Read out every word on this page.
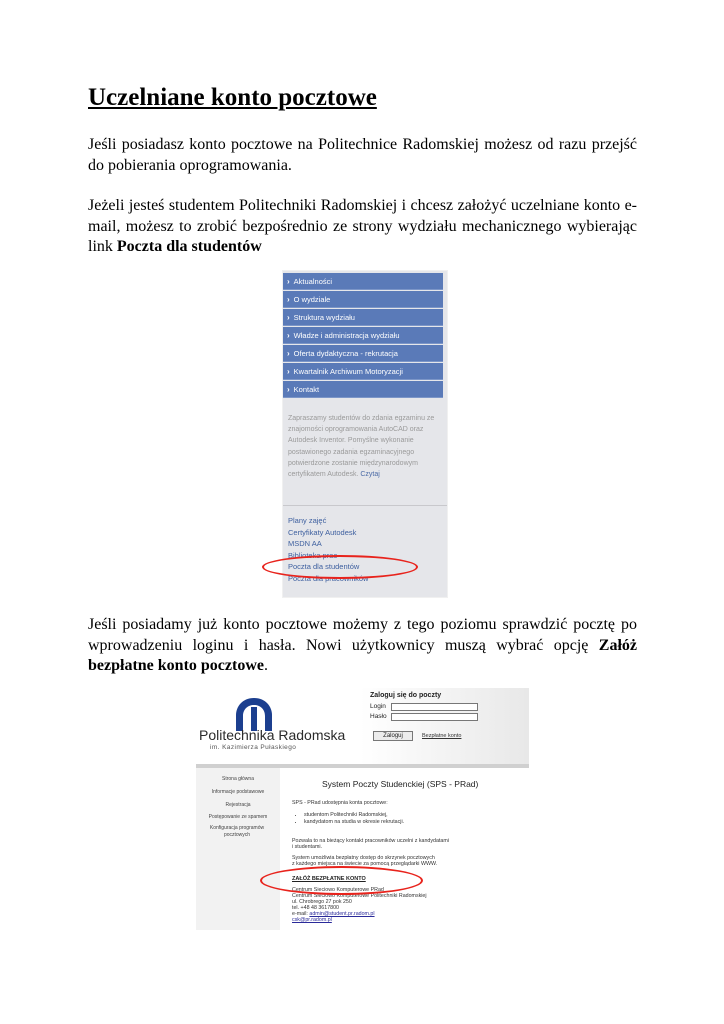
Uczelniane konto pocztowe

Jeśli posiadasz konto pocztowe na Politechnice Radomskiej możesz od razu przejść do pobierania oprogramowania.

Jeżeli jesteś studentem Politechniki Radomskiej i chcesz założyć uczelniane konto e-mail, możesz to zrobić bezpośrednio ze strony wydziału mechanicznego wybierając link Poczta dla studentów

› Aktualności
› O wydziale
› Struktura wydziału
› Władze i administracja wydziału
› Oferta dydaktyczna - rekrutacja
› Kwartalnik Archiwum Motoryzacji
› Kontakt
Zapraszamy studentów do zdania egzaminu ze znajomości oprogramowania AutoCAD oraz Autodesk Inventor. Pomyślne wykonanie postawionego zadania egzaminacyjnego potwierdzone zostanie międzynarodowym certyfikatem Autodesk. Czytaj
Plany zajęć
Certyfikaty Autodesk
MSDN AA
Biblioteka prac
Poczta dla studentów
Poczta dla pracowników

Jeśli posiadamy już konto pocztowe możemy z tego poziomu sprawdzić pocztę po wprowadzeniu loginu i hasła. Nowi użytkownicy muszą wybrać opcję Załóż bezpłatne konto pocztowe.

Politechnika Radomska
im. Kazimierza Pułaskiego
Zaloguj się do poczty
Login
Hasło
Zaloguj	Bezpłatne konto
Strona główna
Informacje podstawowe
Rejestracja
Postępowanie ze spamem
Konfiguracja programów pocztowych
System Poczty Studenckiej (SPS - PRad)
SPS - PRad udostępnia konta pocztowe:
• studentom Politechniki Radomskiej,
• kandydatom na studia w okresie rekrutacji.
Pozwala to na bieżący kontakt pracowników uczelni z kandydatami
i studentami.
System umożliwia bezpłatny dostęp do skrzynek pocztowych
z każdego miejsca na świecie za pomocą przeglądarki WWW.
ZAŁÓŻ BEZPŁATNE KONTO
Centrum Sieciowo Komputerowe PRad
Centrum Sieciowo Komputerowe Politechniki Radomskiej
ul. Chrobrego 27 pok 250
tel. +48 48 3617800
e-mail: admin@student.pr.radom.pl
csk@pr.radom.pl
